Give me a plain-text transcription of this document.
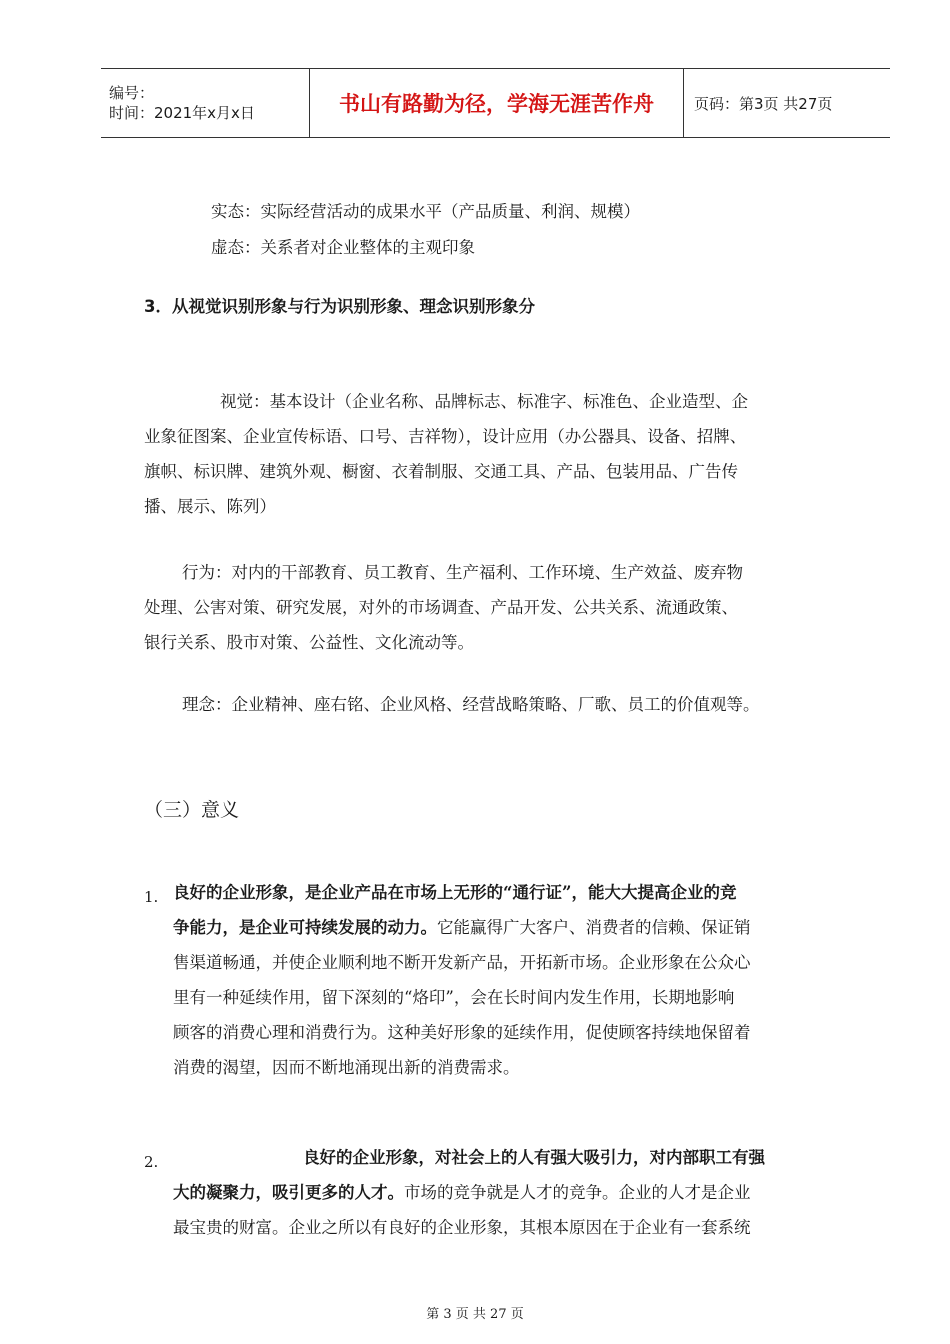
编号：
时间：2021年x月x日	书山有路勤为径，学海无涯苦作舟	页码：第3页 共27页
实态：实际经营活动的成果水平（产品质量、利润、规模）
虚态：关系者对企业整体的主观印象
3．从视觉识别形象与行为识别形象、理念识别形象分
视觉：基本设计（企业名称、品牌标志、标准字、标准色、企业造型、企
业象征图案、企业宣传标语、口号、吉祥物），设计应用（办公器具、设备、招牌、
旗帜、标识牌、建筑外观、橱窗、衣着制服、交通工具、产品、包装用品、广告传
播、展示、陈列）
行为：对内的干部教育、员工教育、生产福利、工作环境、生产效益、废弃物
处理、公害对策、研究发展，对外的市场调查、产品开发、公共关系、流通政策、
银行关系、股市对策、公益性、文化流动等。
理念：企业精神、座右铭、企业风格、经营战略策略、厂歌、员工的价值观等。
（三）意义
1. 良好的企业形象，是企业产品在市场上无形的“通行证”，能大大提高企业的竞
争能力，是企业可持续发展的动力。它能赢得广大客户、消费者的信赖、保证销
售渠道畅通，并使企业顺利地不断开发新产品，开拓新市场。企业形象在公众心
里有一种延续作用，留下深刻的“烙印”，会在长时间内发生作用，长期地影响
顾客的消费心理和消费行为。这种美好形象的延续作用，促使顾客持续地保留着
消费的渴望，因而不断地涌现出新的消费需求。
2.	良好的企业形象，对社会上的人有强大吸引力，对内部职工有强
大的凝聚力，吸引更多的人才。市场的竞争就是人才的竞争。企业的人才是企业
最宝贵的财富。企业之所以有良好的企业形象，其根本原因在于企业有一套系统
第 3 页 共 27 页
